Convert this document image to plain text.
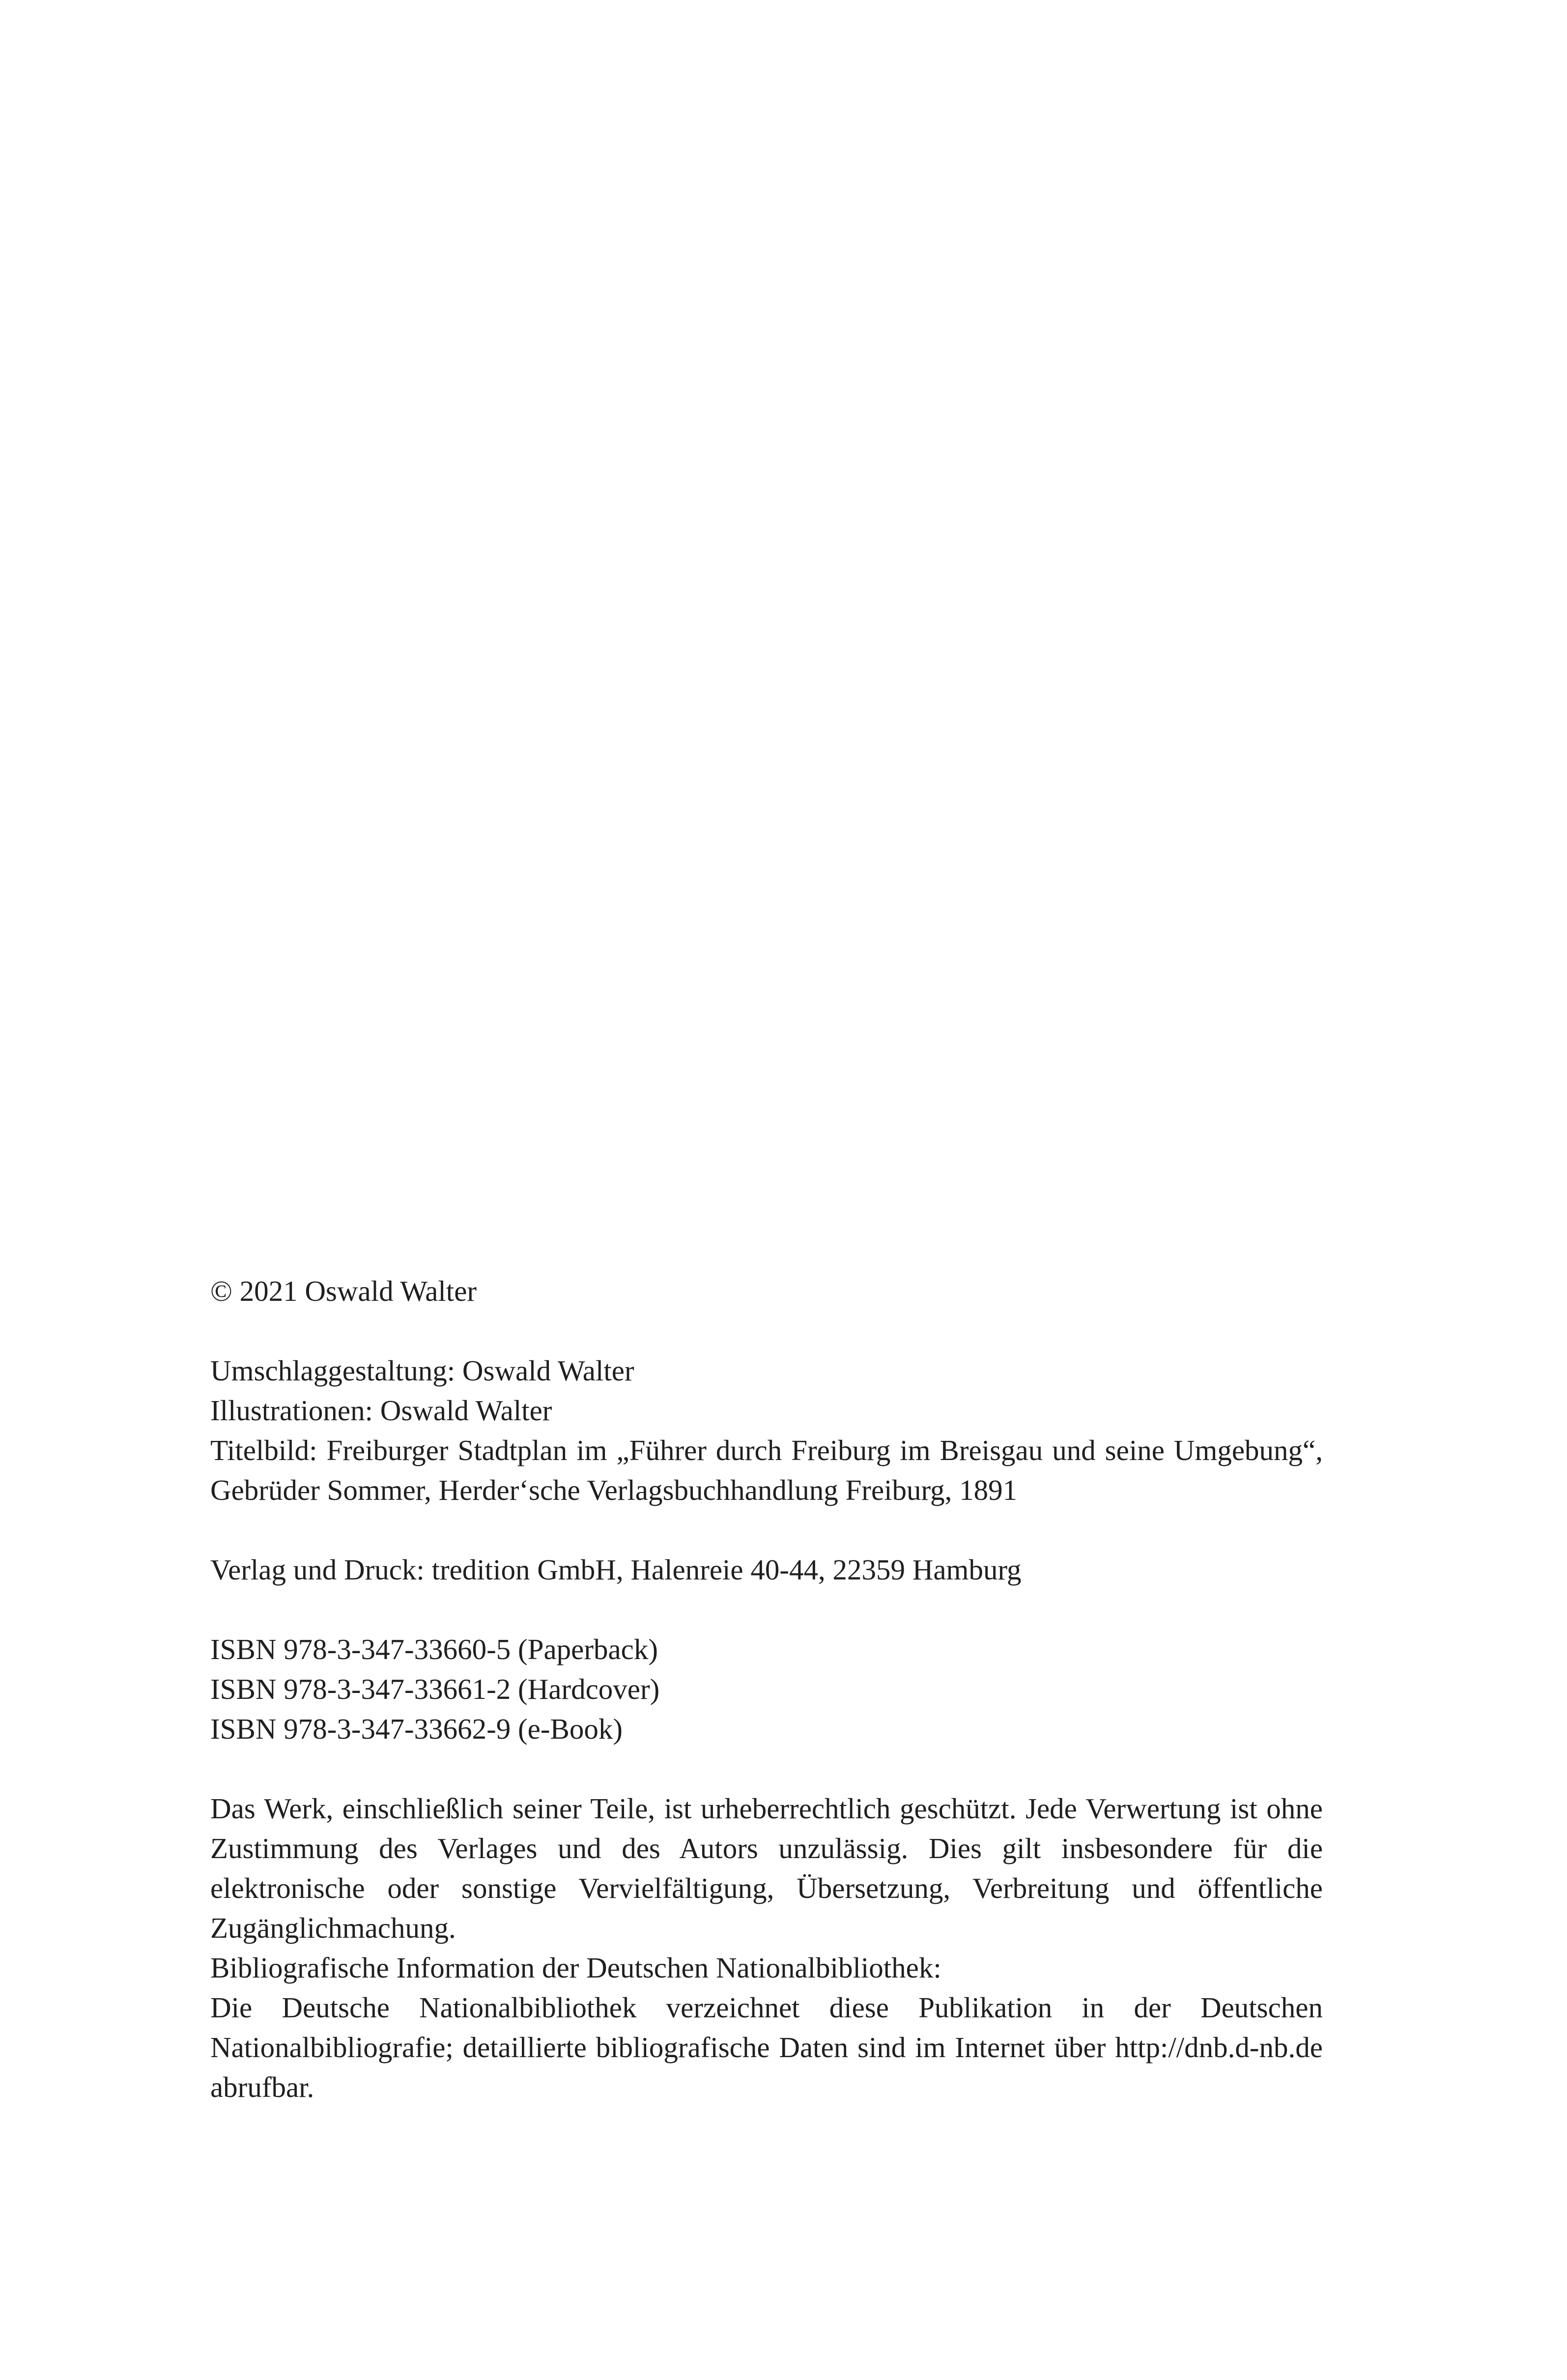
© 2021 Oswald Walter

Umschlaggestaltung: Oswald Walter

Illustrationen: Oswald Walter

Titelbild: Freiburger Stadtplan im „Führer durch Freiburg im Breisgau und seine Umgebung“, Gebrüder Sommer, Herder‘sche Verlagsbuchhandlung Freiburg, 1891

Verlag und Druck: tredition GmbH, Halenreie 40-44, 22359 Hamburg

ISBN 978-3-347-33660-5 (Paperback)

ISBN 978-3-347-33661-2 (Hardcover)

ISBN 978-3-347-33662-9 (e-Book)

Das Werk, einschließlich seiner Teile, ist urheberrechtlich geschützt. Jede Verwertung ist ohne Zustimmung des Verlages und des Autors unzulässig. Dies gilt insbesondere für die elektronische oder sonstige Vervielfältigung, Übersetzung, Verbreitung und öffentliche Zugänglichmachung.

Bibliografische Information der Deutschen Nationalbibliothek:

Die Deutsche Nationalbibliothek verzeichnet diese Publikation in der Deutschen Nationalbibliografie; detaillierte bibliografische Daten sind im Internet über http://dnb.d-nb.de abrufbar.
